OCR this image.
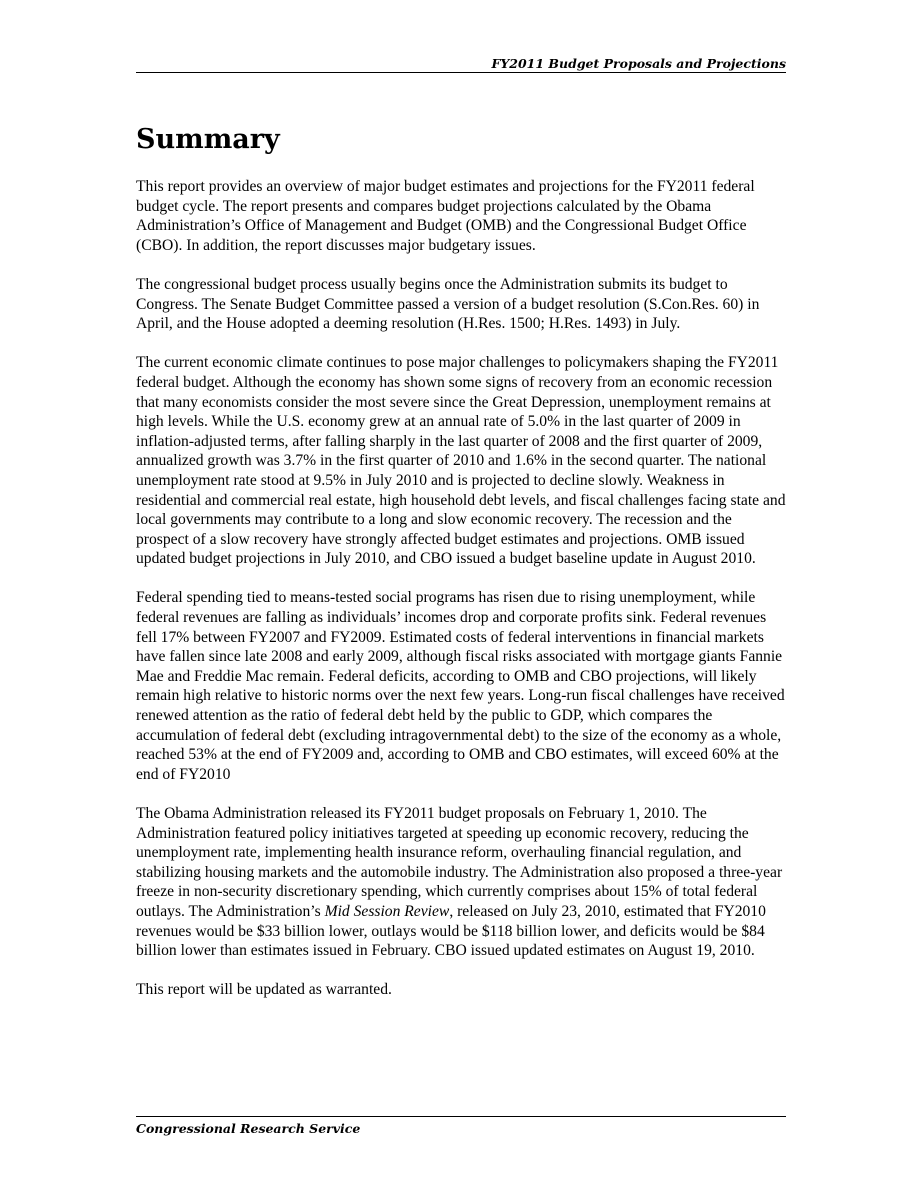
FY2011 Budget Proposals and Projections
Summary

This report provides an overview of major budget estimates and projections for the FY2011 federal budget cycle. The report presents and compares budget projections calculated by the Obama Administration’s Office of Management and Budget (OMB) and the Congressional Budget Office (CBO). In addition, the report discusses major budgetary issues.

The congressional budget process usually begins once the Administration submits its budget to Congress. The Senate Budget Committee passed a version of a budget resolution (S.Con.Res. 60) in April, and the House adopted a deeming resolution (H.Res. 1500; H.Res. 1493) in July.

The current economic climate continues to pose major challenges to policymakers shaping the FY2011 federal budget. Although the economy has shown some signs of recovery from an economic recession that many economists consider the most severe since the Great Depression, unemployment remains at high levels. While the U.S. economy grew at an annual rate of 5.0% in the last quarter of 2009 in inflation-adjusted terms, after falling sharply in the last quarter of 2008 and the first quarter of 2009, annualized growth was 3.7% in the first quarter of 2010 and 1.6% in the second quarter. The national unemployment rate stood at 9.5% in July 2010 and is projected to decline slowly. Weakness in residential and commercial real estate, high household debt levels, and fiscal challenges facing state and local governments may contribute to a long and slow economic recovery. The recession and the prospect of a slow recovery have strongly affected budget estimates and projections. OMB issued updated budget projections in July 2010, and CBO issued a budget baseline update in August 2010.

Federal spending tied to means-tested social programs has risen due to rising unemployment, while federal revenues are falling as individuals’ incomes drop and corporate profits sink. Federal revenues fell 17% between FY2007 and FY2009. Estimated costs of federal interventions in financial markets have fallen since late 2008 and early 2009, although fiscal risks associated with mortgage giants Fannie Mae and Freddie Mac remain. Federal deficits, according to OMB and CBO projections, will likely remain high relative to historic norms over the next few years. Long-run fiscal challenges have received renewed attention as the ratio of federal debt held by the public to GDP, which compares the accumulation of federal debt (excluding intragovernmental debt) to the size of the economy as a whole, reached 53% at the end of FY2009 and, according to OMB and CBO estimates, will exceed 60% at the end of FY2010

The Obama Administration released its FY2011 budget proposals on February 1, 2010. The Administration featured policy initiatives targeted at speeding up economic recovery, reducing the unemployment rate, implementing health insurance reform, overhauling financial regulation, and stabilizing housing markets and the automobile industry. The Administration also proposed a three-year freeze in non-security discretionary spending, which currently comprises about 15% of total federal outlays. The Administration’s Mid Session Review, released on July 23, 2010, estimated that FY2010 revenues would be $33 billion lower, outlays would be $118 billion lower, and deficits would be $84 billion lower than estimates issued in February. CBO issued updated estimates on August 19, 2010.

This report will be updated as warranted.

Congressional Research Service
